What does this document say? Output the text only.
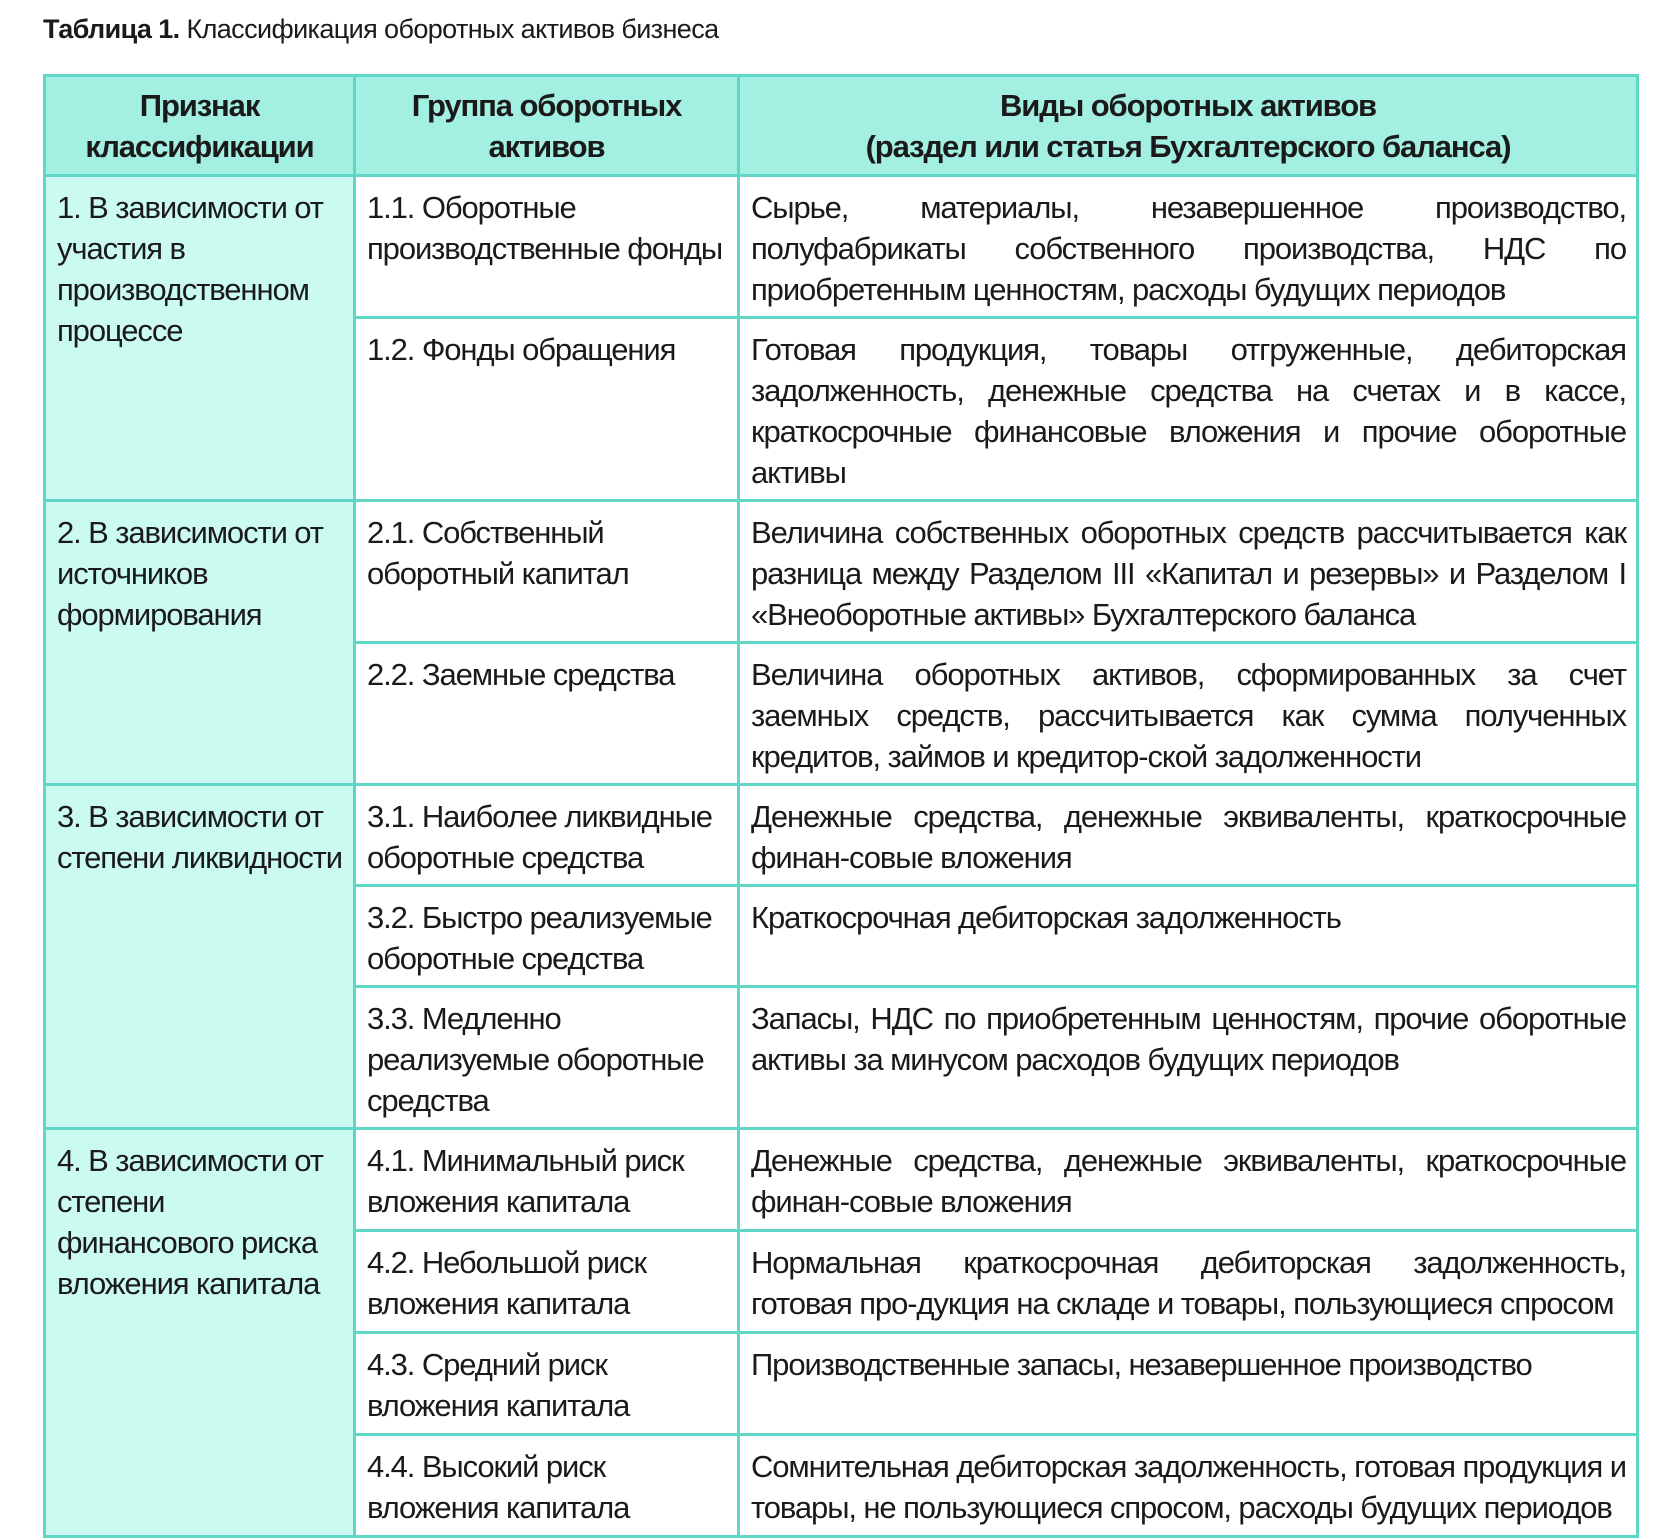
Таблица 1. Классификация оборотных активов бизнеса
Признак классификации	Группа оборотных активов	Виды оборотных активов
(раздел или статья Бухгалтерского баланса)

1. В зависимости от участия в производственном процессе	1.1. Оборотные производственные фонды	Сырье, материалы, незавершенное производство, полуфабрикаты собственного производства, НДС по приобретенным ценностям, расходы будущих периодов

	1.2. Фонды обращения	Готовая продукция, товары отгруженные, дебиторская задолженность, денежные средства на счетах и в кассе, краткосрочные финансовые вложения и прочие оборотные активы

2. В зависимости от источников формирования	2.1. Собственный оборотный капитал	Величина собственных оборотных средств рассчитывается как разница между Разделом III «Капитал и резервы» и Разделом I «Внеоборотные активы» Бухгалтерского баланса

	2.2. Заемные средства	Величина оборотных активов, сформированных за счет заемных средств, рассчитывается как сумма полученных кредитов, займов и кредитор-ской задолженности

3. В зависимости от степени ликвидности	3.1. Наиболее ликвидные оборотные средства	Денежные средства, денежные эквиваленты, краткосрочные финан-совые вложения

	3.2. Быстро реализуемые оборотные средства	Краткосрочная дебиторская задолженность

	3.3. Медленно реализуемые оборотные средства	Запасы, НДС по приобретенным ценностям, прочие оборотные активы за минусом расходов будущих периодов

4. В зависимости от степени финансового риска вложения капитала	4.1. Минимальный риск вложения капитала	Денежные средства, денежные эквиваленты, краткосрочные финан-совые вложения

	4.2. Небольшой риск вложения капитала	Нормальная краткосрочная дебиторская задолженность, готовая про-дукция на складе и товары, пользующиеся спросом

	4.3. Средний риск вложения капитала	Производственные запасы, незавершенное производство

	4.4. Высокий риск вложения капитала	Сомнительная дебиторская задолженность, готовая продукция и товары, не пользующиеся спросом, расходы будущих периодов
